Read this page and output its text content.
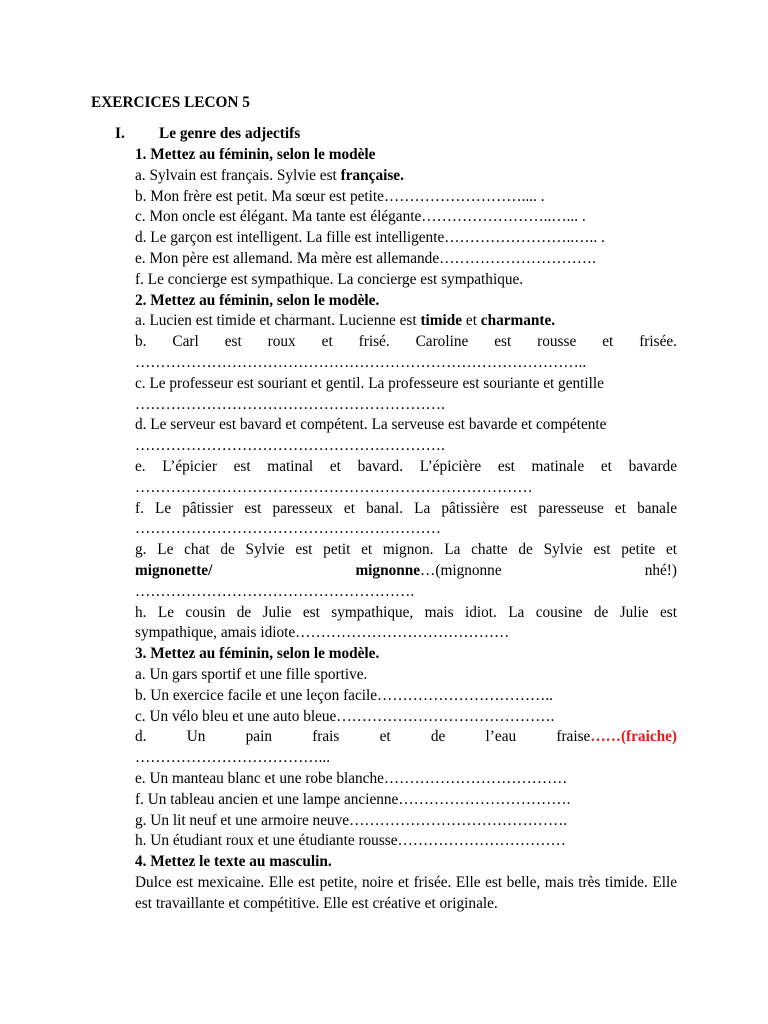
EXERCICES LECON 5
I. Le genre des adjectifs
1. Mettez au féminin, selon le modèle
a. Sylvain est français. Sylvie est française.
b. Mon frère est petit. Ma sœur est petite……………………….... .
c. Mon oncle est élégant. Ma tante est élégante……………………..…... .
d. Le garçon est intelligent. La fille est intelligente……………………..….. .
e. Mon père est allemand. Ma mère est allemande………………………….
f. Le concierge est sympathique. La concierge est sympathique.
2. Mettez au féminin, selon le modèle.
a. Lucien est timide et charmant. Lucienne est timide et charmante.
b. Carl est roux et frisé. Caroline est rousse et frisée.
……………………………………………………………………………..
c. Le professeur est souriant et gentil. La professeure est souriante et gentille
…………………………………………………….
d. Le serveur est bavard et compétent. La serveuse est bavarde et compétente
…………………………………………………….
e. L’épicier est matinal et bavard. L’épicière est matinale et bavarde
……………………………………………………………………
f. Le pâtissier est paresseux et banal. La pâtissière est paresseuse et banale
……………………………………………………
g. Le chat de Sylvie est petit et mignon. La chatte de Sylvie est petite et
mignonette/	mignonne…(mignonne nhé!)
……………………………………………….
h. Le cousin de Julie est sympathique, mais idiot. La cousine de Julie est
sympathique, amais idiote……………………………………
3. Mettez au féminin, selon le modèle.
a. Un gars sportif et une fille sportive.
b. Un exercice facile et une leçon facile……………………………..
c. Un vélo bleu et une auto bleue…………………………………….
d. Un pain frais et de l’eau fraise……(fraiche)
………………………………...
e. Un manteau blanc et une robe blanche………………………………
f. Un tableau ancien et une lampe ancienne…………………………….
g. Un lit neuf et une armoire neuve…………………………………….
h. Un étudiant roux et une étudiante rousse……………………………
4. Mettez le texte au masculin.
Dulce est mexicaine. Elle est petite, noire et frisée. Elle est belle, mais très timide. Elle est travaillante et compétitive. Elle est créative et originale.
